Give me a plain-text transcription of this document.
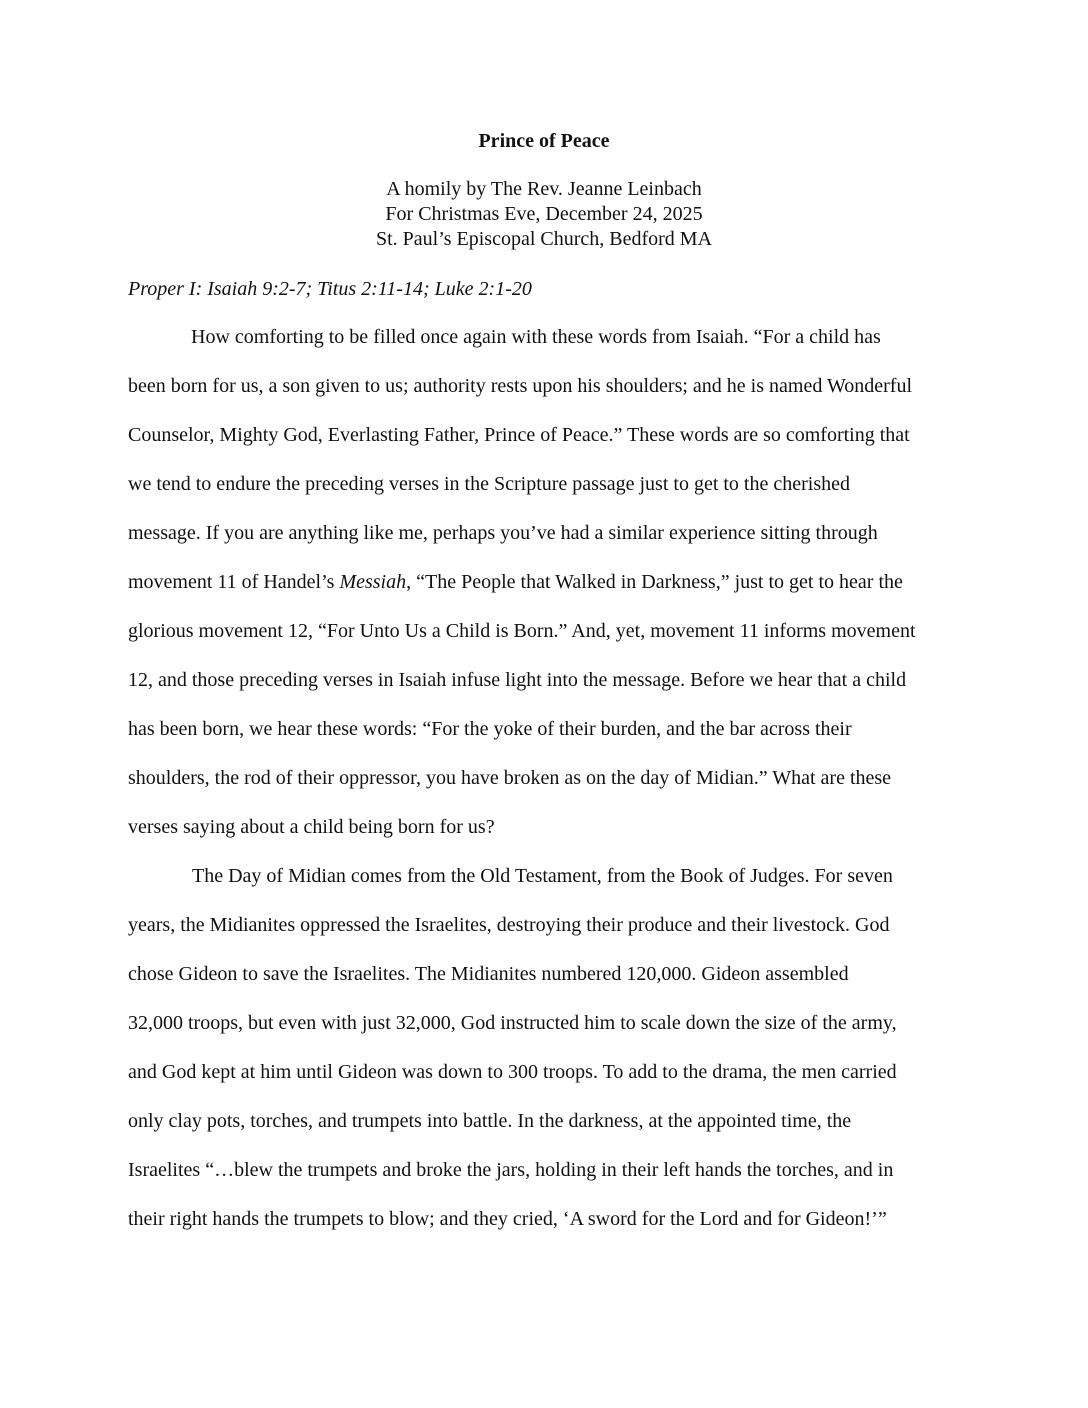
Prince of Peace
A homily by The Rev. Jeanne Leinbach
For Christmas Eve, December 24, 2025
St. Paul’s Episcopal Church, Bedford MA
Proper I: Isaiah 9:2-7; Titus 2:11-14; Luke 2:1-20
How comforting to be filled once again with these words from Isaiah. “For a child has
been born for us, a son given to us; authority rests upon his shoulders; and he is named Wonderful
Counselor, Mighty God, Everlasting Father, Prince of Peace.” These words are so comforting that
we tend to endure the preceding verses in the Scripture passage just to get to the cherished
message. If you are anything like me, perhaps you’ve had a similar experience sitting through
movement 11 of Handel’s Messiah, “The People that Walked in Darkness,” just to get to hear the
glorious movement 12, “For Unto Us a Child is Born.” And, yet, movement 11 informs movement
12, and those preceding verses in Isaiah infuse light into the message. Before we hear that a child
has been born, we hear these words: “For the yoke of their burden, and the bar across their
shoulders, the rod of their oppressor, you have broken as on the day of Midian.” What are these
verses saying about a child being born for us?
The Day of Midian comes from the Old Testament, from the Book of Judges. For seven
years, the Midianites oppressed the Israelites, destroying their produce and their livestock. God
chose Gideon to save the Israelites. The Midianites numbered 120,000. Gideon assembled
32,000 troops, but even with just 32,000, God instructed him to scale down the size of the army,
and God kept at him until Gideon was down to 300 troops. To add to the drama, the men carried
only clay pots, torches, and trumpets into battle. In the darkness, at the appointed time, the
Israelites “…blew the trumpets and broke the jars, holding in their left hands the torches, and in
their right hands the trumpets to blow; and they cried, ‘A sword for the Lord and for Gideon!’”
